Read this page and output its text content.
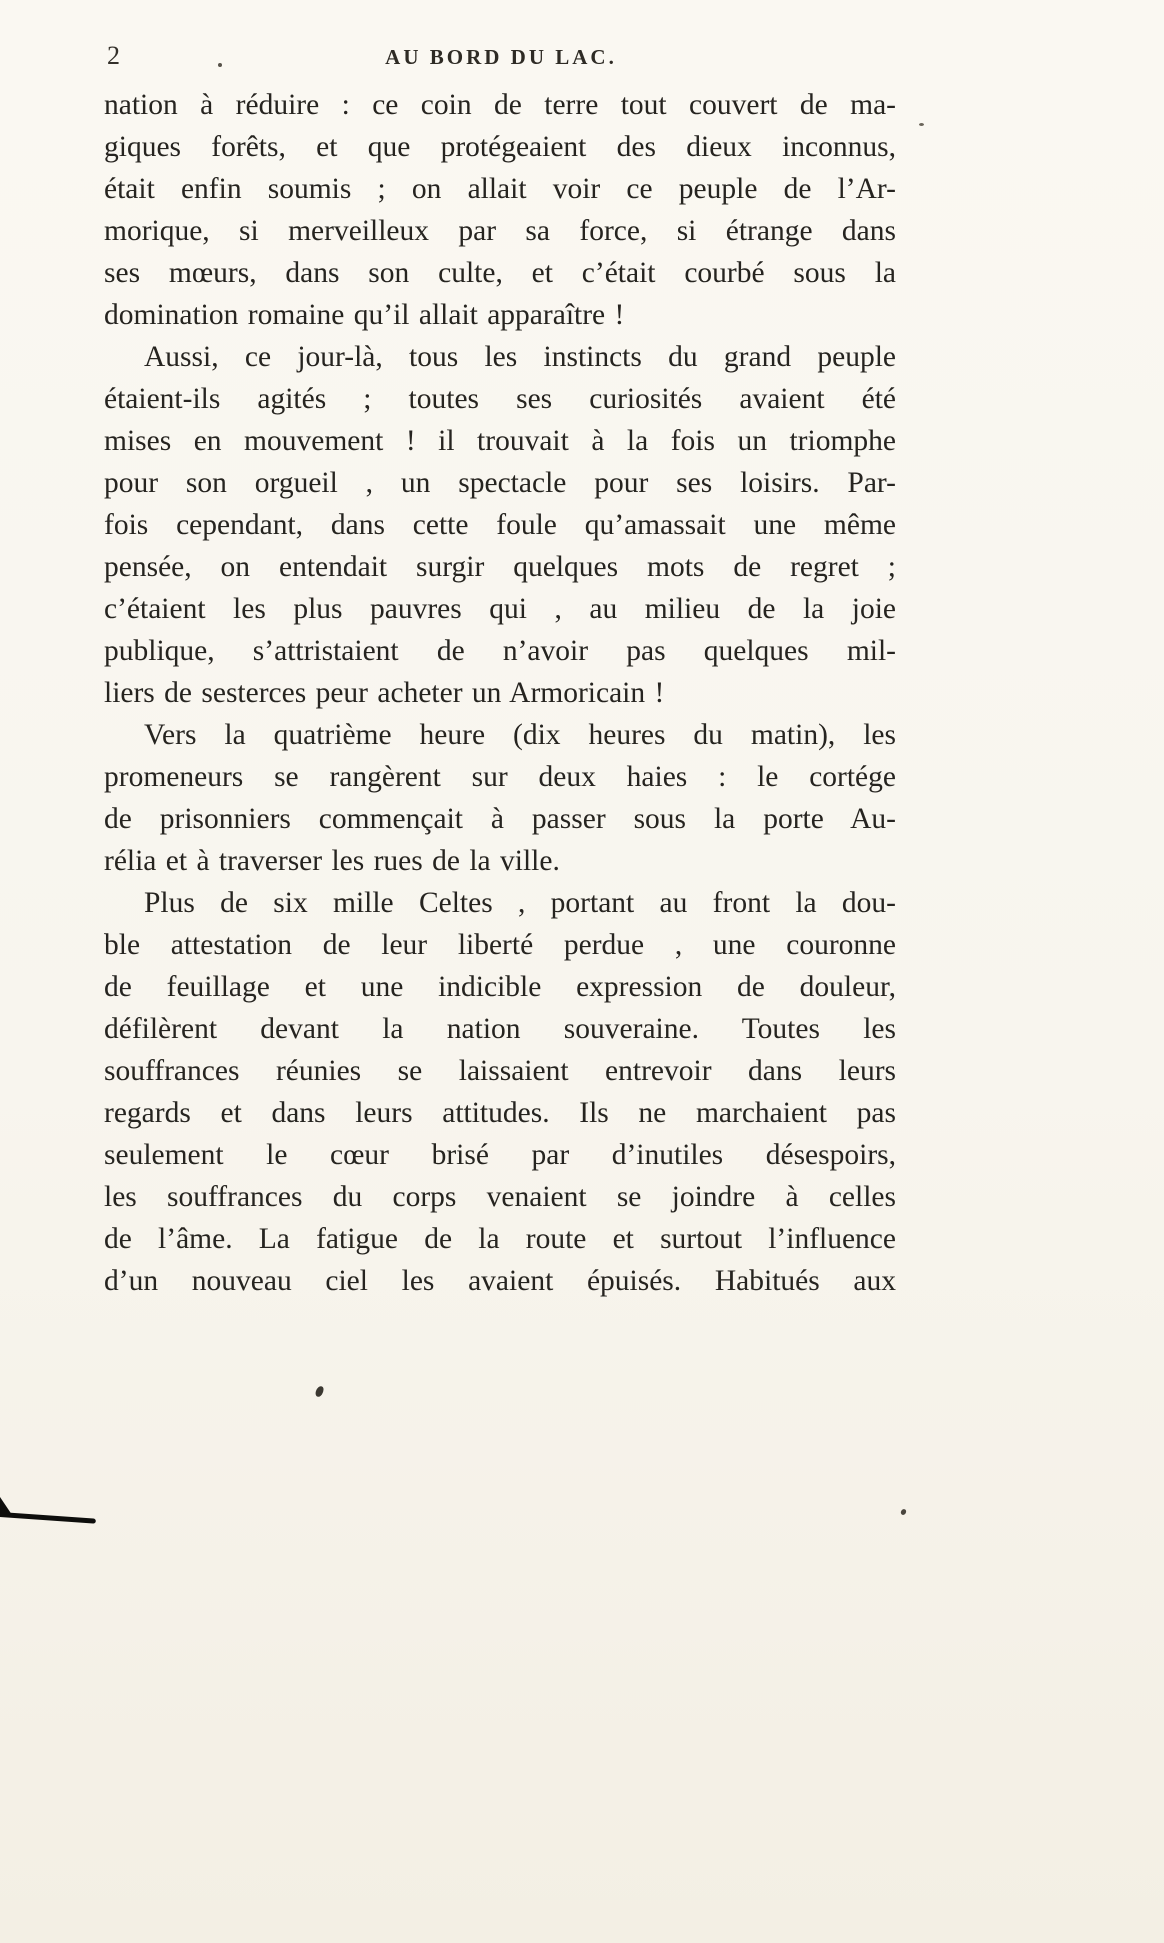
2	AU BORD DU LAC.
nation à réduire : ce coin de terre tout couvert de ma-
giques forêts, et que protégeaient des dieux inconnus,
était enfin soumis ; on allait voir ce peuple de l’Ar-
morique, si merveilleux par sa force, si étrange dans
ses mœurs, dans son culte, et c’était courbé sous la
domination romaine qu’il allait apparaître !
Aussi, ce jour-là, tous les instincts du grand peuple
étaient-ils agités ; toutes ses curiosités avaient été
mises en mouvement ! il trouvait à la fois un triomphe
pour son orgueil , un spectacle pour ses loisirs. Par-
fois cependant, dans cette foule qu’amassait une même
pensée, on entendait surgir quelques mots de regret ;
c’étaient les plus pauvres qui , au milieu de la joie
publique, s’attristaient de n’avoir pas quelques mil-
liers de sesterces peur acheter un Armoricain !
Vers la quatrième heure (dix heures du matin), les
promeneurs se rangèrent sur deux haies : le cortége
de prisonniers commençait à passer sous la porte Au-
rélia et à traverser les rues de la ville.
Plus de six mille Celtes , portant au front la dou-
ble attestation de leur liberté perdue , une couronne
de feuillage et une indicible expression de douleur,
défilèrent devant la nation souveraine. Toutes les
souffrances réunies se laissaient entrevoir dans leurs
regards et dans leurs attitudes. Ils ne marchaient pas
seulement le cœur brisé par d’inutiles désespoirs,
les souffrances du corps venaient se joindre à celles
de l’âme. La fatigue de la route et surtout l’influence
d’un nouveau ciel les avaient épuisés. Habitués aux
